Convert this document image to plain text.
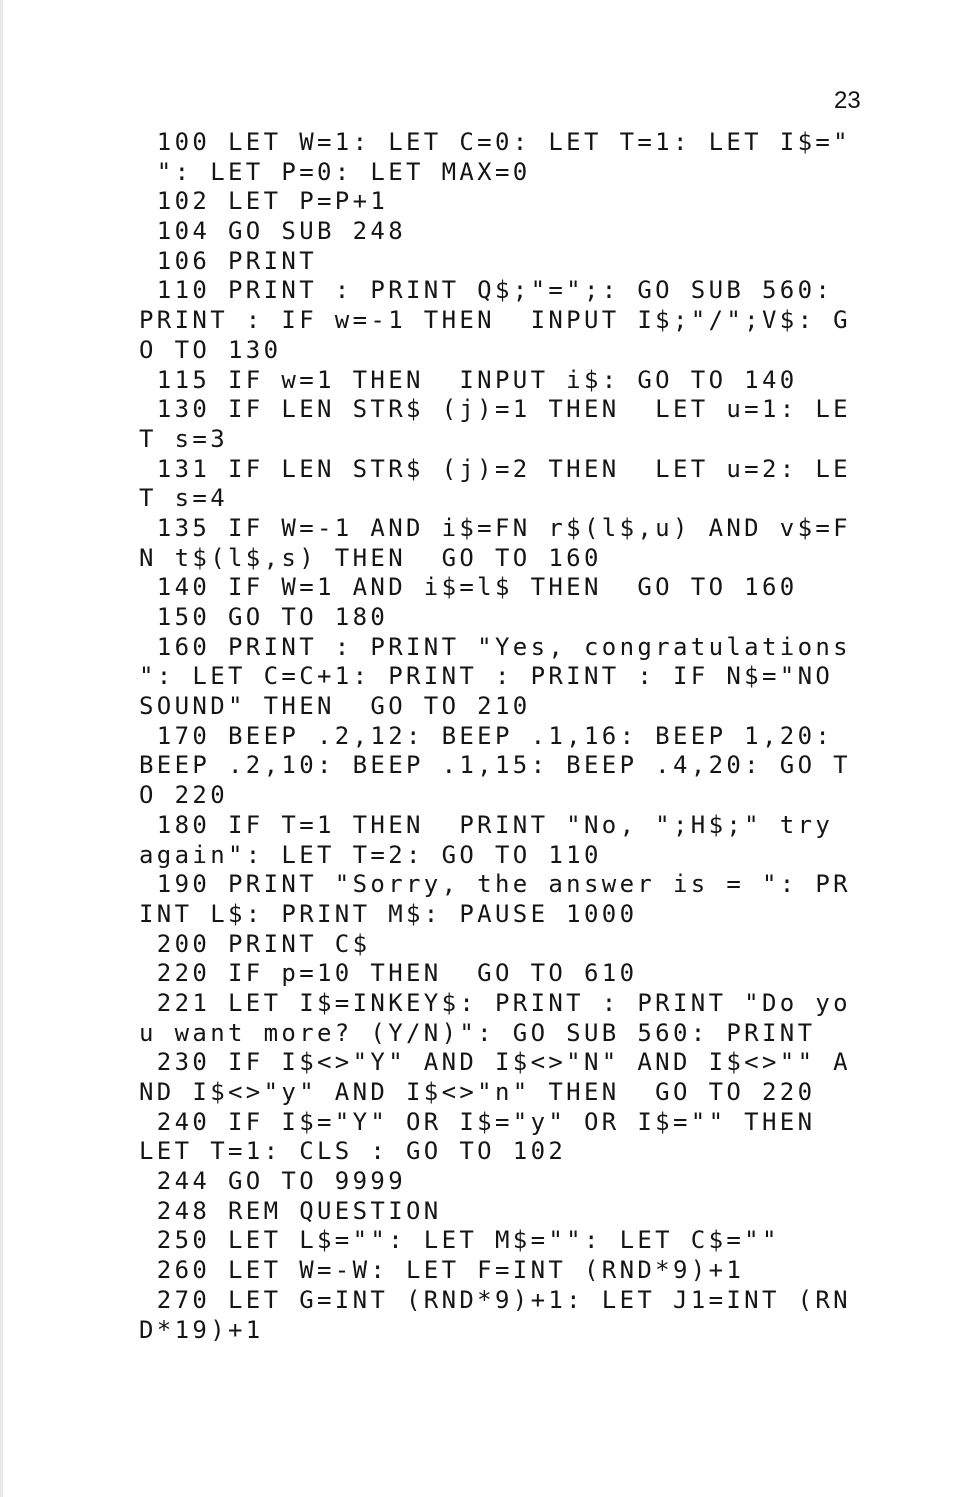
23
100 LET W=1: LET C=0: LET T=1: LET I$="
": LET P=0: LET MAX=0
102 LET P=P+1
104 GO SUB 248
106 PRINT
110 PRINT : PRINT Q$;"=";: GO SUB 560:
PRINT : IF w=-1 THEN  INPUT I$;"/";V$: G
O TO 130
115 IF w=1 THEN  INPUT i$: GO TO 140
130 IF LEN STR$ (j)=1 THEN  LET u=1: LE
T s=3
131 IF LEN STR$ (j)=2 THEN  LET u=2: LE
T s=4
135 IF W=-1 AND i$=FN r$(l$,u) AND v$=F
N t$(l$,s) THEN  GO TO 160
140 IF W=1 AND i$=l$ THEN  GO TO 160
150 GO TO 180
160 PRINT : PRINT "Yes, congratulations
": LET C=C+1: PRINT : PRINT : IF N$="NO
SOUND" THEN  GO TO 210
170 BEEP .2,12: BEEP .1,16: BEEP 1,20:
BEEP .2,10: BEEP .1,15: BEEP .4,20: GO T
O 220
180 IF T=1 THEN  PRINT "No, ";H$;" try
again": LET T=2: GO TO 110
190 PRINT "Sorry, the answer is = ": PR
INT L$: PRINT M$: PAUSE 1000
200 PRINT C$
220 IF p=10 THEN  GO TO 610
221 LET I$=INKEY$: PRINT : PRINT "Do yo
u want more? (Y/N)": GO SUB 560: PRINT
230 IF I$<>"Y" AND I$<>"N" AND I$<>"" A
ND I$<>"y" AND I$<>"n" THEN  GO TO 220
240 IF I$="Y" OR I$="y" OR I$="" THEN
LET T=1: CLS : GO TO 102
244 GO TO 9999
248 REM QUESTION
250 LET L$="": LET M$="": LET C$=""
260 LET W=-W: LET F=INT (RND*9)+1
270 LET G=INT (RND*9)+1: LET J1=INT (RN
D*19)+1
